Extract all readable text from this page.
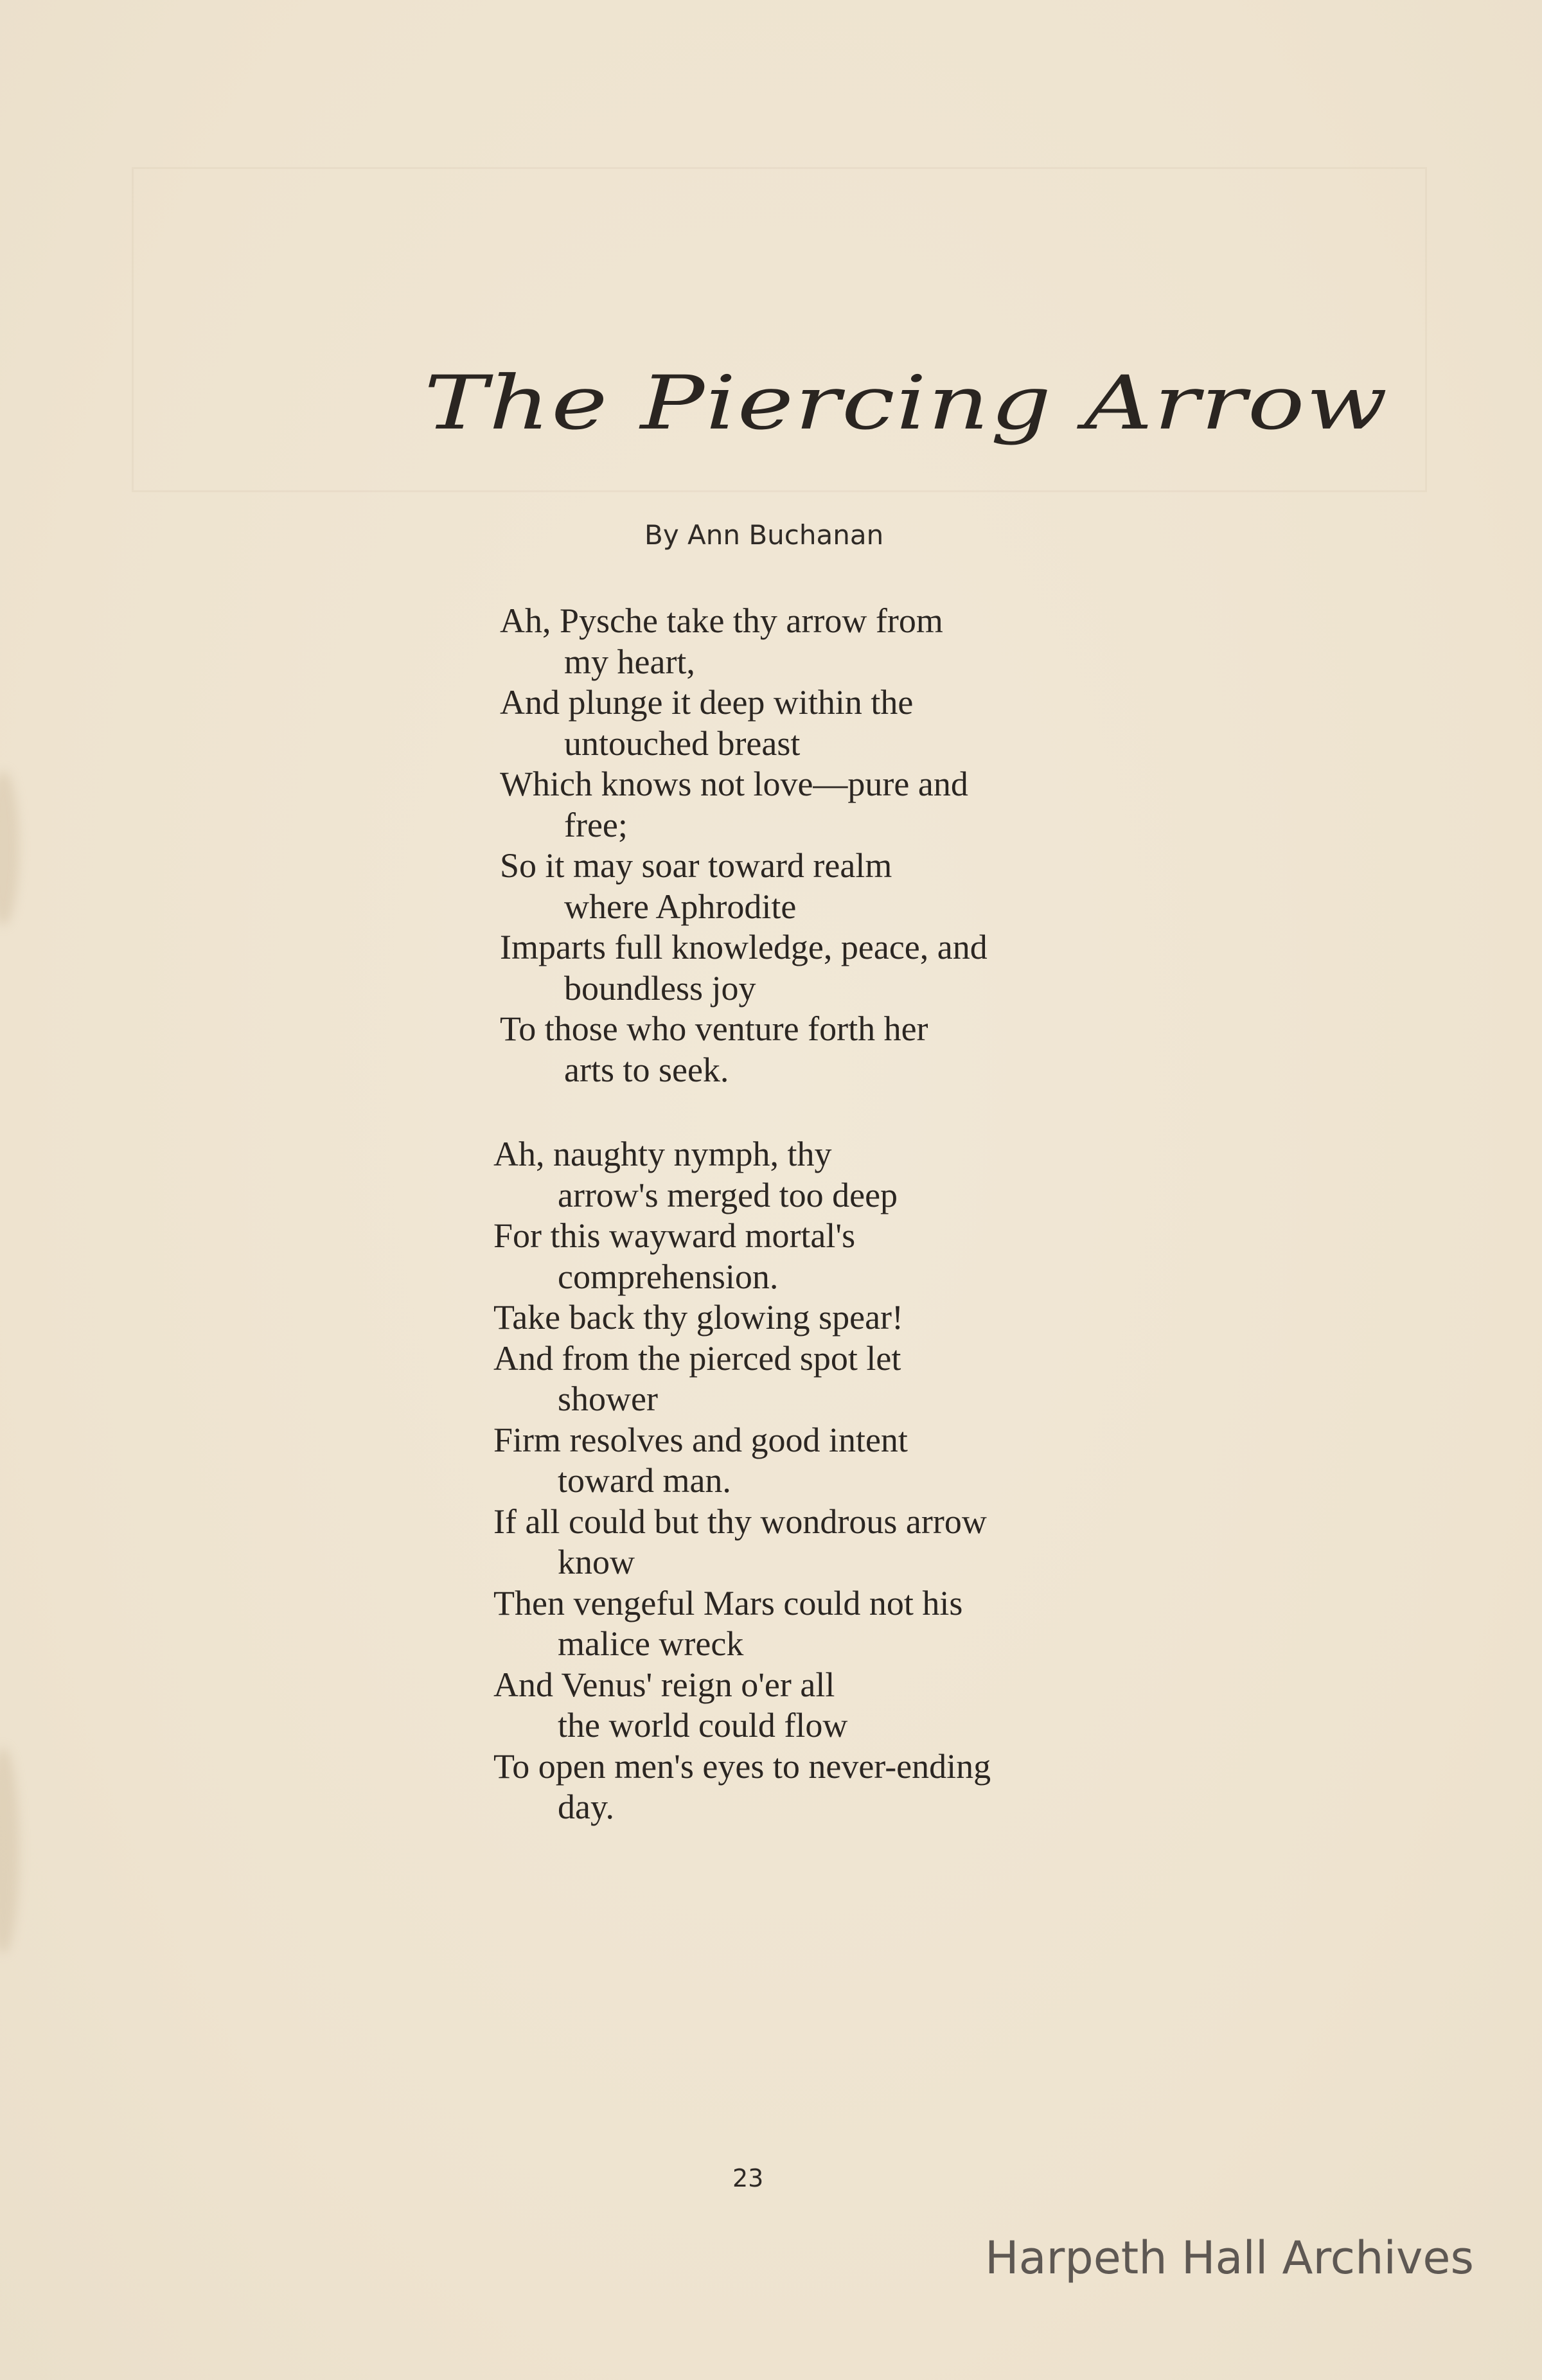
The Piercing Arrow
By Ann Buchanan
Ah, Pysche take thy arrow from
my heart,
And plunge it deep within the
untouched breast
Which knows not love—pure and
free;
So it may soar toward realm
where Aphrodite
Imparts full knowledge, peace, and
boundless joy
To those who venture forth her
arts to seek.
Ah, naughty nymph, thy
arrow's merged too deep
For this wayward mortal's
comprehension.
Take back thy glowing spear!
And from the pierced spot let
shower
Firm resolves and good intent
toward man.
If all could but thy wondrous arrow
know
Then vengeful Mars could not his
malice wreck
And Venus' reign o'er all
the world could flow
To open men's eyes to never-ending
day.
23
Harpeth Hall Archives
